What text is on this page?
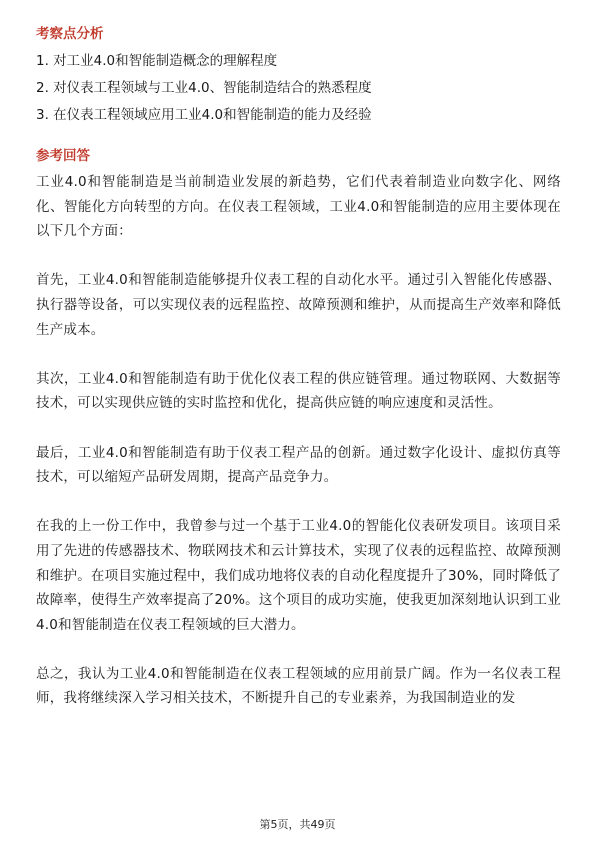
考察点分析
1. 对工业4.0和智能制造概念的理解程度
2. 对仪表工程领域与工业4.0、智能制造结合的熟悉程度
3. 在仪表工程领域应用工业4.0和智能制造的能力及经验
参考回答

工业4.0和智能制造是当前制造业发展的新趋势，它们代表着制造业向数字化、网络化、智能化方向转型的方向。在仪表工程领域，工业4.0和智能制造的应用主要体现在以下几个方面：

首先，工业4.0和智能制造能够提升仪表工程的自动化水平。通过引入智能化传感器、执行器等设备，可以实现仪表的远程监控、故障预测和维护，从而提高生产效率和降低生产成本。

其次，工业4.0和智能制造有助于优化仪表工程的供应链管理。通过物联网、大数据等技术，可以实现供应链的实时监控和优化，提高供应链的响应速度和灵活性。

最后，工业4.0和智能制造有助于仪表工程产品的创新。通过数字化设计、虚拟仿真等技术，可以缩短产品研发周期，提高产品竞争力。

在我的上一份工作中，我曾参与过一个基于工业4.0的智能化仪表研发项目。该项目采用了先进的传感器技术、物联网技术和云计算技术，实现了仪表的远程监控、故障预测和维护。在项目实施过程中，我们成功地将仪表的自动化程度提升了30%，同时降低了故障率，使得生产效率提高了20%。这个项目的成功实施，使我更加深刻地认识到工业4.0和智能制造在仪表工程领域的巨大潜力。

总之，我认为工业4.0和智能制造在仪表工程领域的应用前景广阔。作为一名仪表工程师，我将继续深入学习相关技术，不断提升自己的专业素养，为我国制造业的发

第5页，共49页
